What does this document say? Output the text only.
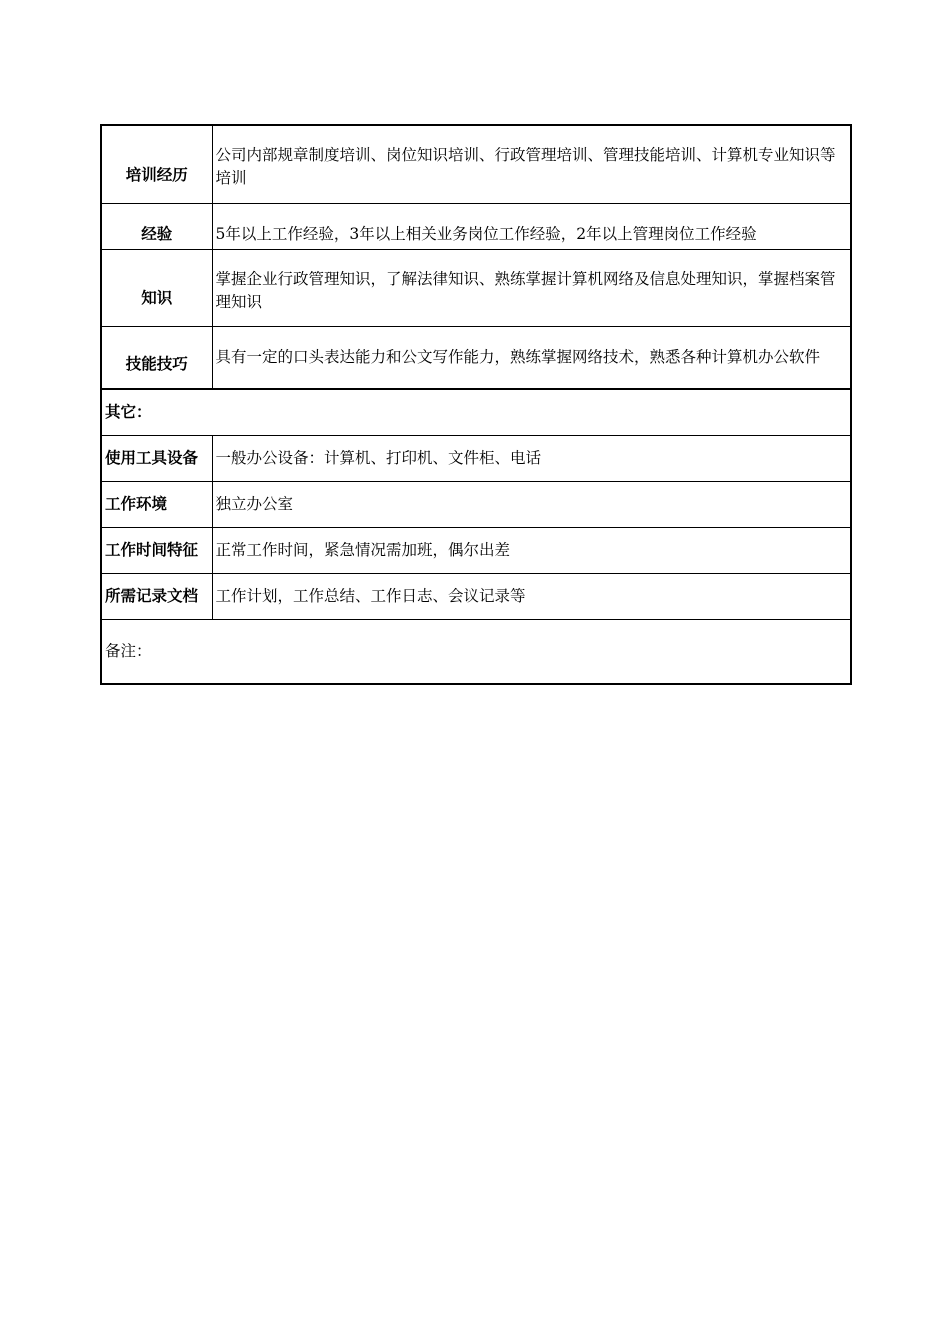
培训经历	公司内部规章制度培训、岗位知识培训、行政管理培训、管理技能培训、计算机专业知识等培训
经验	5年以上工作经验，3年以上相关业务岗位工作经验，2年以上管理岗位工作经验
知识	掌握企业行政管理知识，了解法律知识、熟练掌握计算机网络及信息处理知识，掌握档案管理知识
技能技巧	具有一定的口头表达能力和公文写作能力，熟练掌握网络技术，熟悉各种计算机办公软件
其它：	
使用工具设备	一般办公设备：计算机、打印机、文件柜、电话
工作环境	独立办公室
工作时间特征	正常工作时间，紧急情况需加班，偶尔出差
所需记录文档	工作计划，工作总结、工作日志、会议记录等
备注：	
